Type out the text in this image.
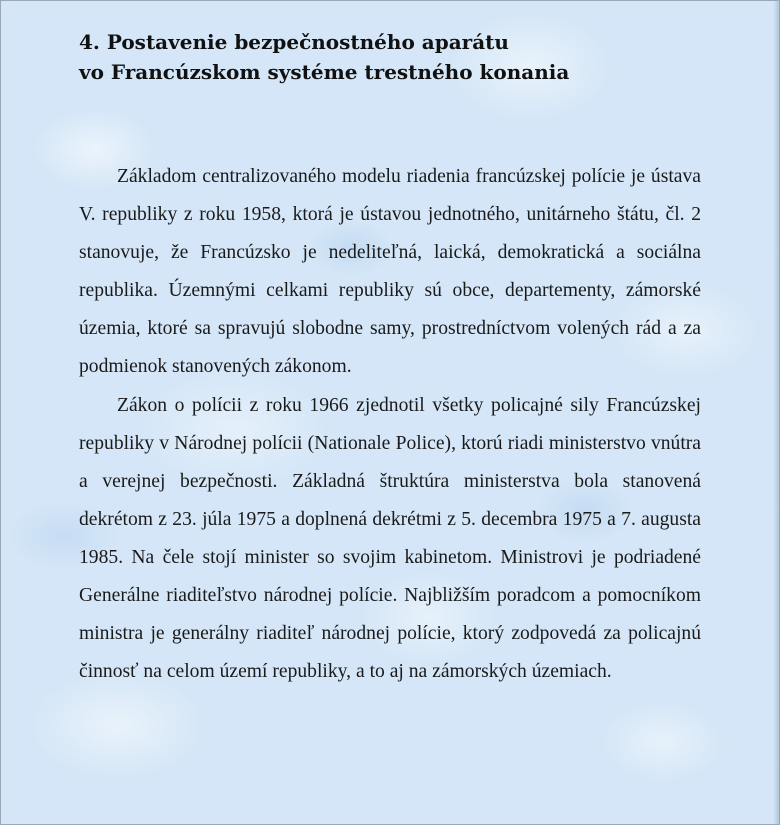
4. Postavenie bezpečnostného aparátu
vo Francúzskom systéme trestného konania

Základom centralizovaného modelu riadenia francúzskej polície je ústava V. republiky z roku 1958, ktorá je ústavou jednotného, unitárneho štátu, čl. 2 stanovuje, že Francúzsko je nedeliteľná, laická, demokratická a sociálna republika. Územnými celkami republiky sú obce, departementy, zámorské územia, ktoré sa spravujú slobodne samy, prostredníctvom volených rád a za podmienok stanovených zákonom.

Zákon o polícii z roku 1966 zjednotil všetky policajné sily Francúzskej republiky v Národnej polícii (Nationale Police), ktorú riadi ministerstvo vnútra a verejnej bezpečnosti. Základná štruktúra ministerstva bola stanovená dekrétom z 23. júla 1975 a doplnená dekrétmi z 5. decembra 1975 a 7. augusta 1985. Na čele stojí minister so svojim kabinetom. Ministrovi je podriadené Generálne riaditeľstvo národnej polície. Najbližším poradcom a pomocníkom ministra je generálny riaditeľ národnej polície, ktorý zodpovedá za policajnú činnosť na celom území republiky, a to aj na zámorských územiach.
